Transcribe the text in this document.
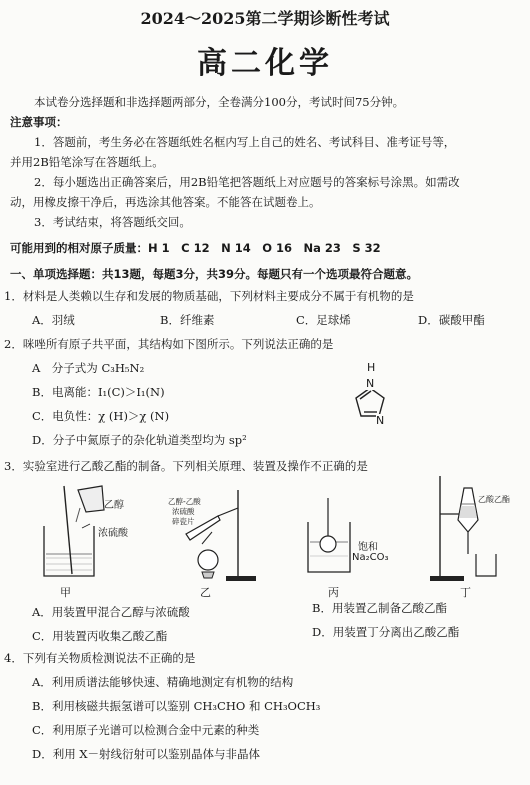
2024～2025第二学期诊断性考试
高二化学
本试卷分选择题和非选择题两部分，全卷满分100分，考试时间75分钟。
注意事项：
1．答题前，考生务必在答题纸姓名框内写上自己的姓名、考试科目、准考证号等，
并用2B铅笔涂写在答题纸上。
2．每小题选出正确答案后，用2B铅笔把答题纸上对应题号的答案标号涂黑。如需改
动，用橡皮擦干净后，再选涂其他答案。不能答在试题卷上。
3．考试结束，将答题纸交回。
可能用到的相对原子质量：H 1　C 12　N 14　O 16　Na 23　S 32
一、单项选择题：共13题，每题3分，共39分。每题只有一个选项最符合题意。
1．材料是人类赖以生存和发展的物质基础，下列材料主要成分不属于有机物的是
A．羽绒	B．纤维素	C．足球烯	D．碳酸甲酯
2．咪唑所有原子共平面，其结构如下图所示。下列说法正确的是
A　分子式为 C₃H₅N₂
B．电离能：I₁(C)＞I₁(N)
C．电负性：χ (H)＞χ (N)
D．分子中氮原子的杂化轨道类型均为 sp²
H
N
N
3．实验室进行乙酸乙酯的制备。下列相关原理、装置及操作不正确的是
乙醇
浓硫酸
乙醇-乙酸
浓硫酸
碎瓷片
饱和
Na₂CO₃
乙酸乙酯
甲	乙	丙	丁
A．用装置甲混合乙醇与浓硫酸	B．用装置乙制备乙酸乙酯
C．用装置丙收集乙酸乙酯	D．用装置丁分离出乙酸乙酯
4．下列有关物质检测说法不正确的是
A．利用质谱法能够快速、精确地测定有机物的结构
B．利用核磁共振氢谱可以鉴别 CH₃CHO 和 CH₃OCH₃
C．利用原子光谱可以检测合金中元素的种类
D．利用 X－射线衍射可以鉴别晶体与非晶体
